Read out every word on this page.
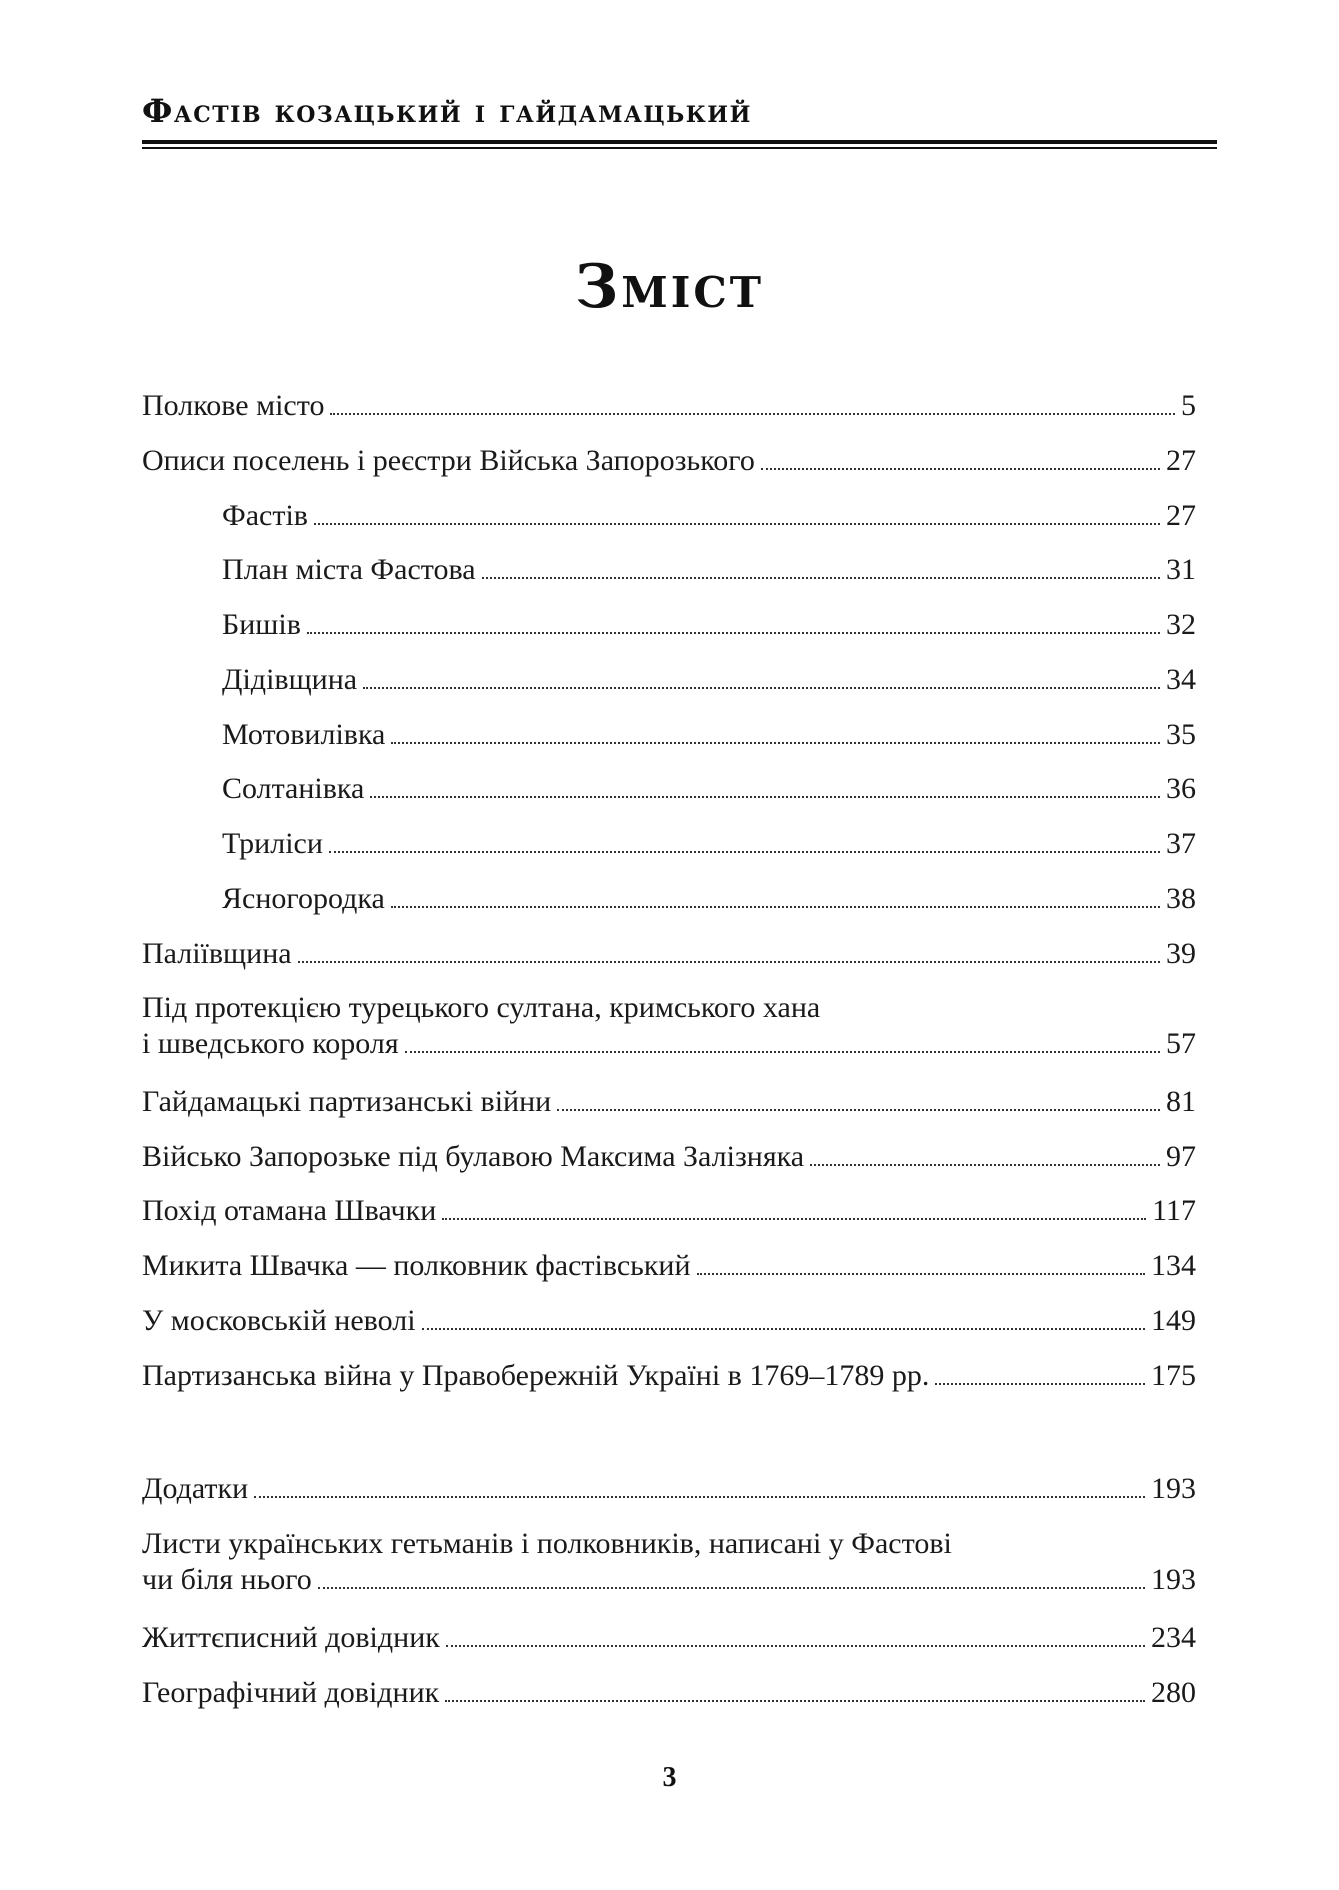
Фастів козацький і гайдамацький
Зміст
Полкове місто	5
Описи поселень і реєстри Війська Запорозького	27
Фастів	27
План міста Фастова	31
Бишів	32
Дідівщина	34
Мотовилівка	35
Солтанівка	36
Триліси	37
Ясногородка	38
Паліївщина	39
Під протекцією турецького султана, кримського хана
і шведського короля	57
Гайдамацькі партизанські війни	81
Військо Запорозьке під булавою Максима Залізняка	97
Похід отамана Швачки	117
Микита Швачка — полковник фастівський	134
У московській неволі	149
Партизанська війна у Правобережній Україні в 1769–1789 рр.	175
Додатки	193
Листи українських гетьманів і полковників, написані у Фастові
чи біля нього	193
Життєписний довідник	234
Географічний довідник	280
3
